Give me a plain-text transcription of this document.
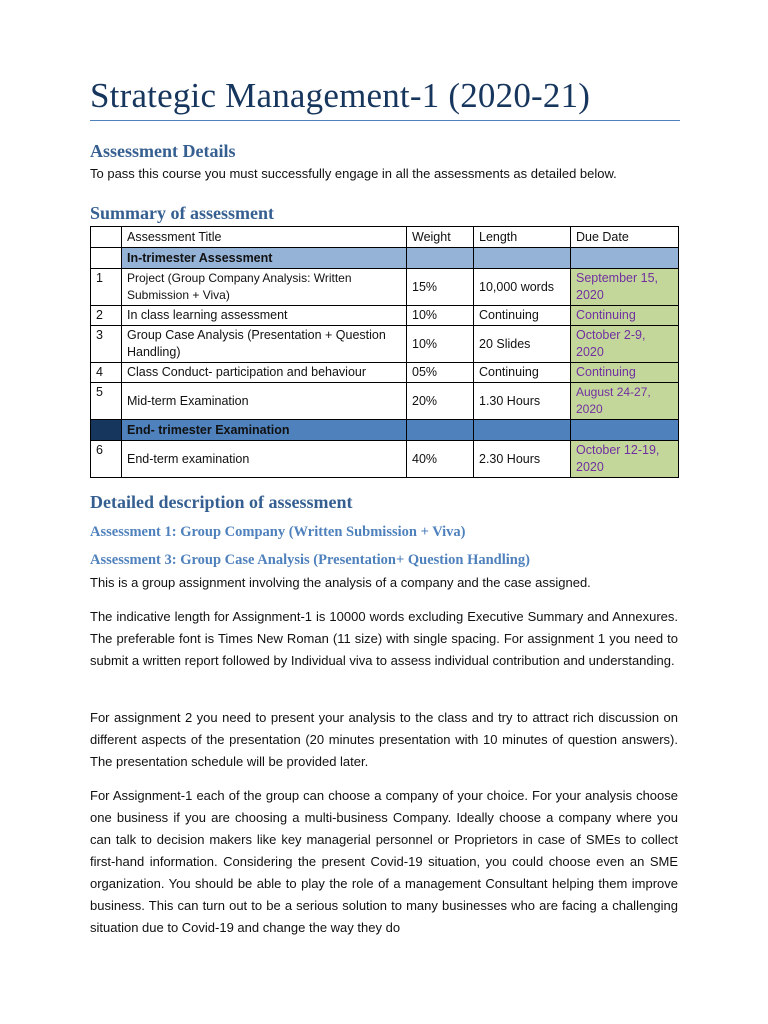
Strategic Management-1 (2020-21)
Assessment Details

To pass this course you must successfully engage in all the assessments as detailed below.

Summary of assessment
	Assessment Title	Weight	Length	Due Date
	In-trimester Assessment			
1	Project (Group Company Analysis: Written Submission + Viva)	15%	10,000 words	September 15, 2020
2	In class learning assessment	10%	Continuing	Continuing
3	Group Case Analysis (Presentation + Question Handling)	10%	20 Slides	October 2-9, 2020
4	Class Conduct- participation and behaviour	05%	Continuing	Continuing
5	Mid-term Examination	20%	1.30 Hours	August 24-27, 2020
	End- trimester Examination			
6	End-term examination	40%	2.30 Hours	October 12-19, 2020
Detailed description of assessment
Assessment 1: Group Company (Written Submission + Viva)
Assessment 3: Group Case Analysis (Presentation+ Question Handling)

This is a group assignment involving the analysis of a company and the case assigned.

The indicative length for Assignment-1 is 10000 words excluding Executive Summary and Annexures. The preferable font is Times New Roman (11 size) with single spacing. For assignment 1 you need to submit a written report followed by Individual viva to assess individual contribution and understanding.

For assignment 2 you need to present your analysis to the class and try to attract rich discussion on different aspects of the presentation (20 minutes presentation with 10 minutes of question answers). The presentation schedule will be provided later.

For Assignment-1 each of the group can choose a company of your choice. For your analysis choose one business if you are choosing a multi-business Company. Ideally choose a company where you can talk to decision makers like key managerial personnel or Proprietors in case of SMEs to collect first-hand information. Considering the present Covid-19 situation, you could choose even an SME organization. You should be able to play the role of a management Consultant helping them improve business. This can turn out to be a serious solution to many businesses who are facing a challenging situation due to Covid-19 and change the way they do
